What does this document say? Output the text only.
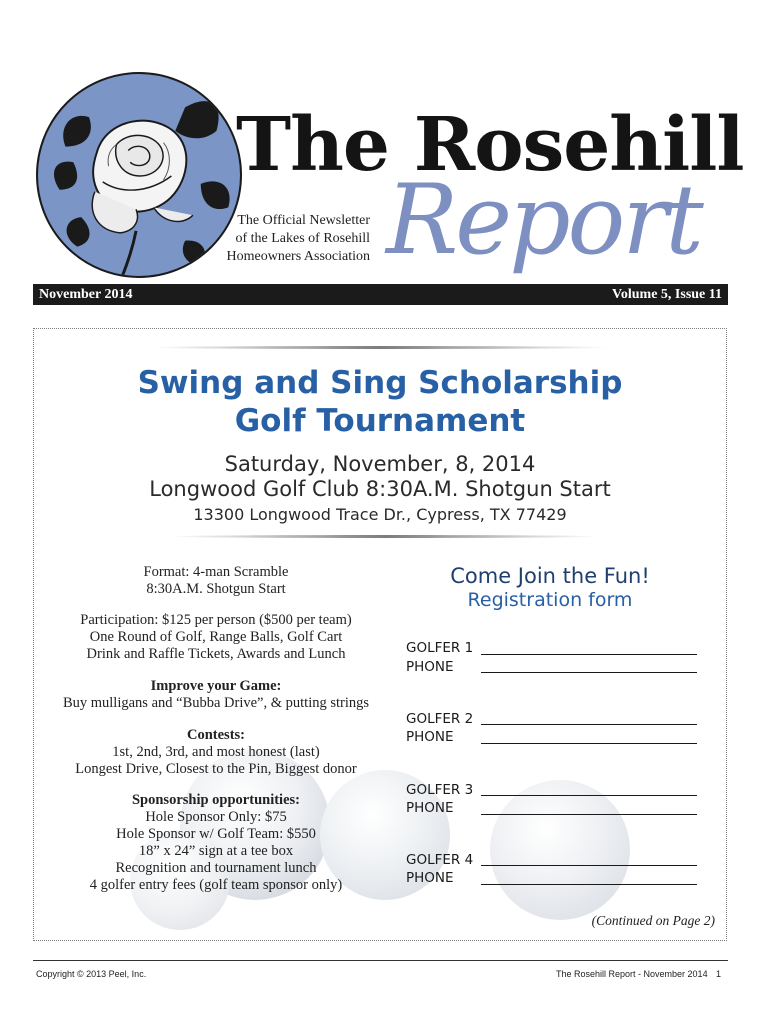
The Rosehill
Report
The Official Newsletter
of the Lakes of Rosehill
Homeowners Association
November 2014	Volume 5, Issue 11
Swing and Sing Scholarship
Golf Tournament
Saturday, November, 8, 2014
Longwood Golf Club 8:30A.M. Shotgun Start
13300 Longwood Trace Dr., Cypress, TX 77429
Format: 4-man Scramble
8:30A.M. Shotgun Start
Participation: $125 per person ($500 per team)
One Round of Golf, Range Balls, Golf Cart
Drink and Raffle Tickets, Awards and Lunch
Improve your Game:
Buy mulligans and “Bubba Drive”, & putting strings
Contests:
1st, 2nd, 3rd, and most honest (last)
Longest Drive, Closest to the Pin, Biggest donor
Sponsorship opportunities:
Hole Sponsor Only: $75
Hole Sponsor w/ Golf Team: $550
18” x 24” sign at a tee box
Recognition and tournament lunch
4 golfer entry fees (golf team sponsor only)
Come Join the Fun!
Registration form
GOLFER 1
PHONE
GOLFER 2
PHONE
GOLFER 3
PHONE
GOLFER 4
PHONE
(Continued on Page 2)
Copyright © 2013 Peel, Inc.	The Rosehill Report - November 2014 1
